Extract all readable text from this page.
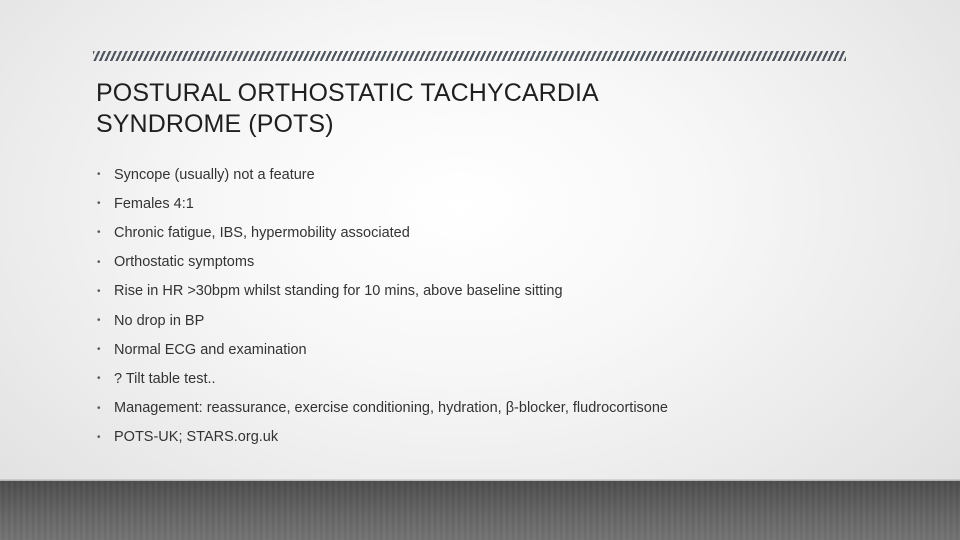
POSTURAL ORTHOSTATIC TACHYCARDIA
SYNDROME (POTS)
• Syncope (usually) not a feature
• Females 4:1
• Chronic fatigue, IBS, hypermobility associated
• Orthostatic symptoms
• Rise in HR >30bpm whilst standing for 10 mins, above baseline sitting
• No drop in BP
• Normal ECG and examination
• ? Tilt table test..
• Management: reassurance, exercise conditioning, hydration, β-blocker, fludrocortisone
• POTS-UK; STARS.org.uk
